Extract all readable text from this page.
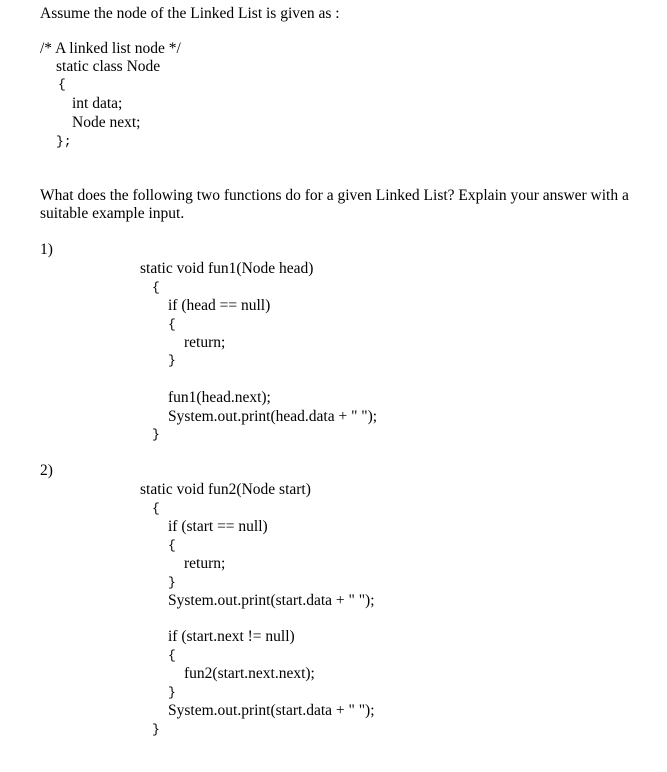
Assume the node of the Linked List is given as :
/* A linked list node */
static class Node
{
int data;
Node next;
};
What does the following two functions do for a given Linked List? Explain your answer with a
suitable example input.
1)
static void fun1(Node head)
{
if (head == null)
{
return;
}
fun1(head.next);
System.out.print(head.data + " ");
}
2)
static void fun2(Node start)
{
if (start == null)
{
return;
}
System.out.print(start.data + " ");
if (start.next != null)
{
fun2(start.next.next);
}
System.out.print(start.data + " ");
}
